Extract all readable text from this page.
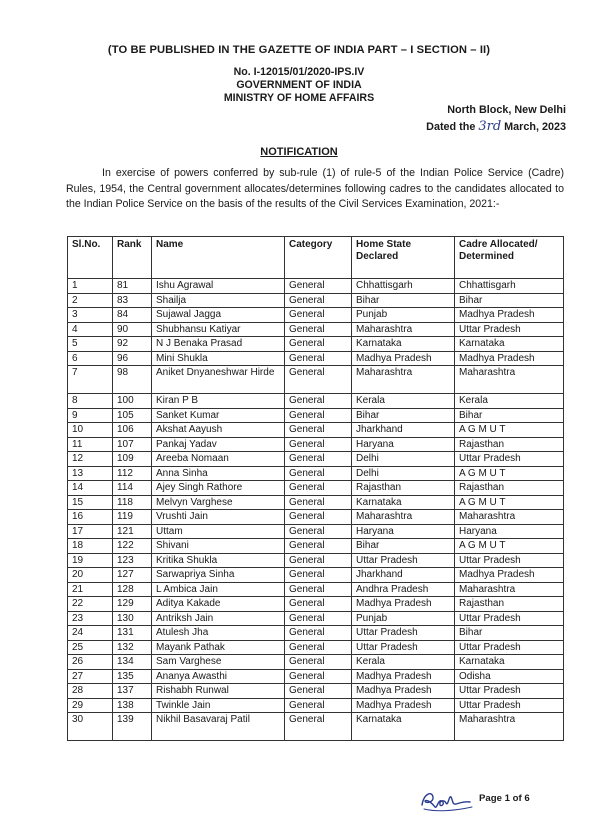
(TO BE PUBLISHED IN THE GAZETTE OF INDIA PART – I SECTION – II)
No. I-12015/01/2020-IPS.IV
GOVERNMENT OF INDIA
MINISTRY OF HOME AFFAIRS
North Block, New Delhi
Dated the 3rd March, 2023
NOTIFICATION
In exercise of powers conferred by sub-rule (1) of rule-5 of the Indian Police Service (Cadre) Rules, 1954, the Central government allocates/determines following cadres to the candidates allocated to the Indian Police Service on the basis of the results of the Civil Services Examination, 2021:-
Sl.No.	Rank	Name	Category	Home State Declared	Cadre Allocated/ Determined
1	81	Ishu Agrawal	General	Chhattisgarh	Chhattisgarh
2	83	Shailja	General	Bihar	Bihar
3	84	Sujawal Jagga	General	Punjab	Madhya Pradesh
4	90	Shubhansu Katiyar	General	Maharashtra	Uttar Pradesh
5	92	N J Benaka Prasad	General	Karnataka	Karnataka
6	96	Mini Shukla	General	Madhya Pradesh	Madhya Pradesh
7	98	Aniket Dnyaneshwar Hirde	General	Maharashtra	Maharashtra
8	100	Kiran P B	General	Kerala	Kerala
9	105	Sanket Kumar	General	Bihar	Bihar
10	106	Akshat Aayush	General	Jharkhand	A G M U T
11	107	Pankaj Yadav	General	Haryana	Rajasthan
12	109	Areeba Nomaan	General	Delhi	Uttar Pradesh
13	112	Anna Sinha	General	Delhi	A G M U T
14	114	Ajey Singh Rathore	General	Rajasthan	Rajasthan
15	118	Melvyn Varghese	General	Karnataka	A G M U T
16	119	Vrushti Jain	General	Maharashtra	Maharashtra
17	121	Uttam	General	Haryana	Haryana
18	122	Shivani	General	Bihar	A G M U T
19	123	Kritika Shukla	General	Uttar Pradesh	Uttar Pradesh
20	127	Sarwapriya Sinha	General	Jharkhand	Madhya Pradesh
21	128	L Ambica Jain	General	Andhra Pradesh	Maharashtra
22	129	Aditya Kakade	General	Madhya Pradesh	Rajasthan
23	130	Antriksh Jain	General	Punjab	Uttar Pradesh
24	131	Atulesh Jha	General	Uttar Pradesh	Bihar
25	132	Mayank Pathak	General	Uttar Pradesh	Uttar Pradesh
26	134	Sam Varghese	General	Kerala	Karnataka
27	135	Ananya Awasthi	General	Madhya Pradesh	Odisha
28	137	Rishabh Runwal	General	Madhya Pradesh	Uttar Pradesh
29	138	Twinkle Jain	General	Madhya Pradesh	Uttar Pradesh
30	139	Nikhil Basavaraj Patil	General	Karnataka	Maharashtra
Page 1 of 6
